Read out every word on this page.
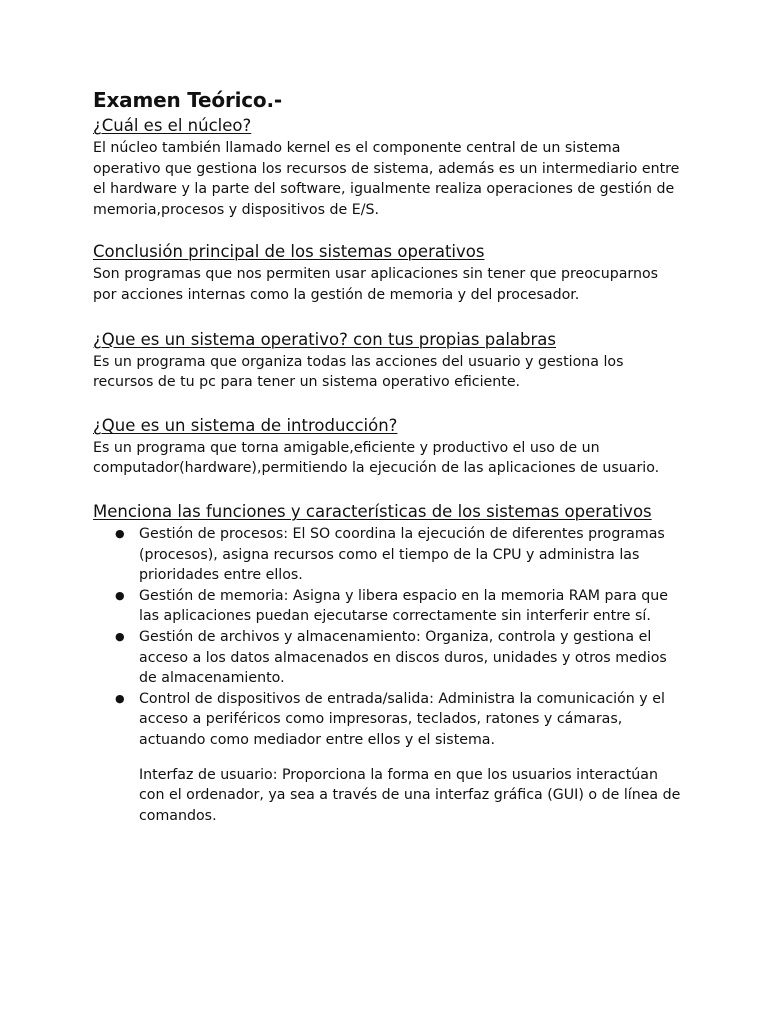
Examen Teórico.-
¿Cuál es el núcleo?

El núcleo también llamado kernel es el componente central de un sistema operativo que gestiona los recursos de sistema, además es un intermediario entre el hardware y la parte del software, igualmente realiza operaciones de gestión de memoria,procesos y dispositivos de E/S.

Conclusión principal de los sistemas operativos

Son programas que nos permiten usar aplicaciones sin tener que preocuparnos por acciones internas como la gestión de memoria y del procesador.

¿Que es un sistema operativo? con tus propias palabras

Es un programa que organiza todas las acciones del usuario y gestiona los recursos de tu pc para tener un sistema operativo eficiente.

¿Que es un sistema de introducción?

Es un programa que torna amigable,eficiente y productivo el uso de un computador(hardware),permitiendo la ejecución de las aplicaciones de usuario.

Menciona las funciones y características de los sistemas operativos
●
Gestión de procesos: El SO coordina la ejecución de diferentes programas (procesos), asigna recursos como el tiempo de la CPU y administra las prioridades entre ellos.
●
Gestión de memoria: Asigna y libera espacio en la memoria RAM para que las aplicaciones puedan ejecutarse correctamente sin interferir entre sí.
●
Gestión de archivos y almacenamiento: Organiza, controla y gestiona el acceso a los datos almacenados en discos duros, unidades y otros medios de almacenamiento.
●
Control de dispositivos de entrada/salida: Administra la comunicación y el acceso a periféricos como impresoras, teclados, ratones y cámaras, actuando como mediador entre ellos y el sistema.

Interfaz de usuario: Proporciona la forma en que los usuarios interactúan con el ordenador, ya sea a través de una interfaz gráfica (GUI) o de línea de comandos.
